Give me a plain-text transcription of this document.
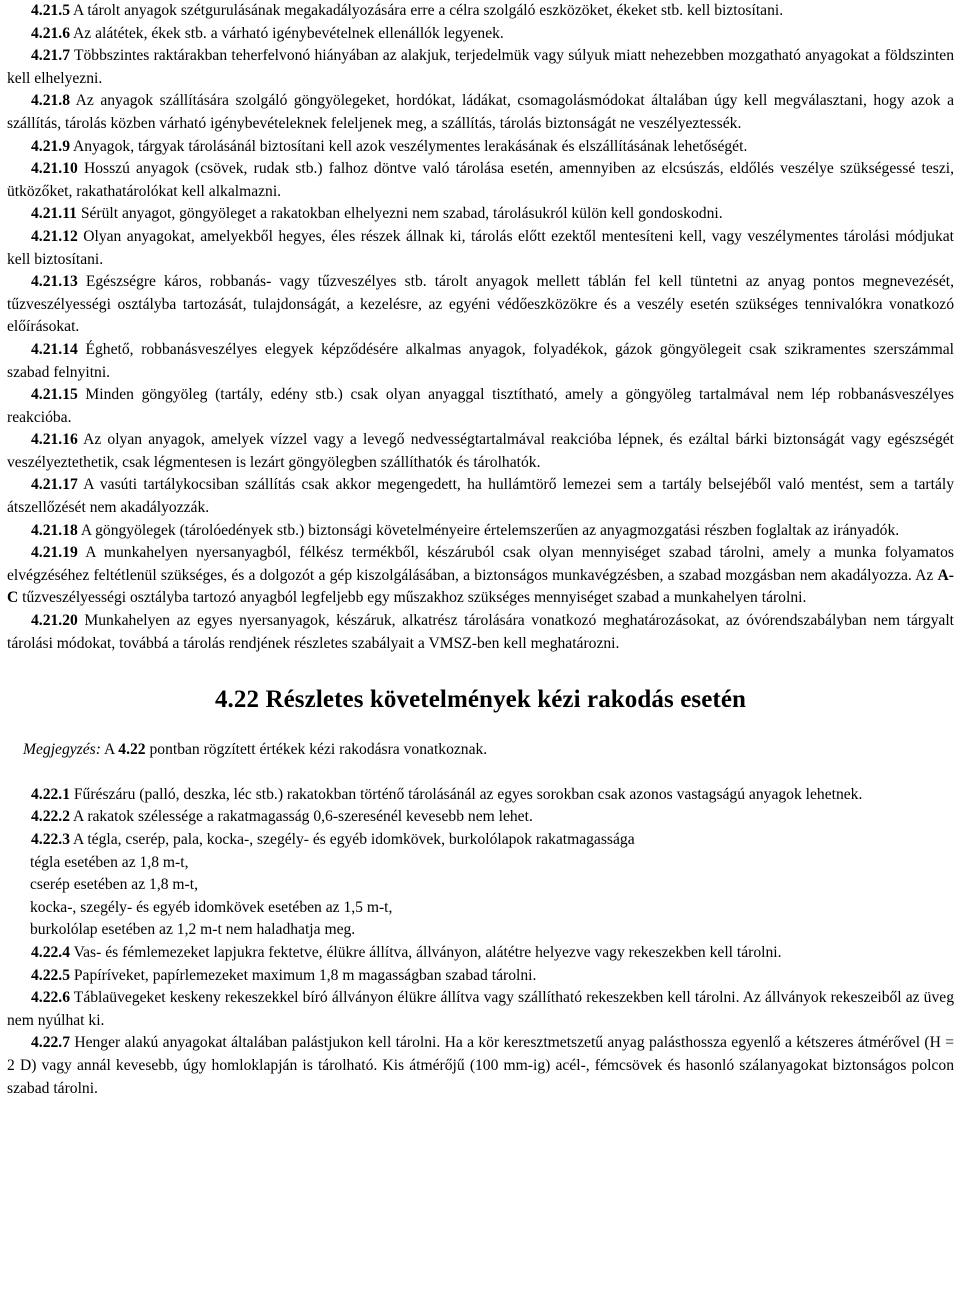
4.21.5 A tárolt anyagok szétgurulásának megakadályozására erre a célra szolgáló eszközöket, ékeket stb. kell biztosítani.

4.21.6 Az alátétek, ékek stb. a várható igénybevételnek ellenállók legyenek.

4.21.7 Többszintes raktárakban teherfelvonó hiányában az alakjuk, terjedelmük vagy súlyuk miatt nehezebben mozgatható anyagokat a földszinten kell elhelyezni.

4.21.8 Az anyagok szállítására szolgáló göngyölegeket, hordókat, ládákat, csomagolásmódokat általában úgy kell megválasztani, hogy azok a szállítás, tárolás közben várható igénybevételeknek feleljenek meg, a szállítás, tárolás biztonságát ne veszélyeztessék.

4.21.9 Anyagok, tárgyak tárolásánál biztosítani kell azok veszélymentes lerakásának és elszállításának lehetőségét.

4.21.10 Hosszú anyagok (csövek, rudak stb.) falhoz döntve való tárolása esetén, amennyiben az elcsúszás, eldőlés veszélye szükségessé teszi, ütközőket, rakathatárolókat kell alkalmazni.

4.21.11 Sérült anyagot, göngyöleget a rakatokban elhelyezni nem szabad, tárolásukról külön kell gondoskodni.

4.21.12 Olyan anyagokat, amelyekből hegyes, éles részek állnak ki, tárolás előtt ezektől mentesíteni kell, vagy veszélymentes tárolási módjukat kell biztosítani.

4.21.13 Egészségre káros, robbanás- vagy tűzveszélyes stb. tárolt anyagok mellett táblán fel kell tüntetni az anyag pontos megnevezését, tűzveszélyességi osztályba tartozását, tulajdonságát, a kezelésre, az egyéni védőeszközökre és a veszély esetén szükséges tennivalókra vonatkozó előírásokat.

4.21.14 Éghető, robbanásveszélyes elegyek képződésére alkalmas anyagok, folyadékok, gázok göngyölegeit csak szikramentes szerszámmal szabad felnyitni.

4.21.15 Minden göngyöleg (tartály, edény stb.) csak olyan anyaggal tisztítható, amely a göngyöleg tartalmával nem lép robbanásveszélyes reakcióba.

4.21.16 Az olyan anyagok, amelyek vízzel vagy a levegő nedvességtartalmával reakcióba lépnek, és ezáltal bárki biztonságát vagy egészségét veszélyeztethetik, csak légmentesen is lezárt göngyölegben szállíthatók és tárolhatók.

4.21.17 A vasúti tartálykocsiban szállítás csak akkor megengedett, ha hullámtörő lemezei sem a tartály belsejéből való mentést, sem a tartály átszellőzését nem akadályozzák.

4.21.18 A göngyölegek (tárolóedények stb.) biztonsági követelményeire értelemszerűen az anyagmozgatási részben foglaltak az irányadók.

4.21.19 A munkahelyen nyersanyagból, félkész termékből, készáruból csak olyan mennyiséget szabad tárolni, amely a munka folyamatos elvégzéséhez feltétlenül szükséges, és a dolgozót a gép kiszolgálásában, a biztonságos munkavégzésben, a szabad mozgásban nem akadályozza. Az A-C tűzveszélyességi osztályba tartozó anyagból legfeljebb egy műszakhoz szükséges mennyiséget szabad a munkahelyen tárolni.

4.21.20 Munkahelyen az egyes nyersanyagok, készáruk, alkatrész tárolására vonatkozó meghatározásokat, az óvórendszabályban nem tárgyalt tárolási módokat, továbbá a tárolás rendjének részletes szabályait a VMSZ-ben kell meghatározni.

4.22 Részletes követelmények kézi rakodás esetén

Megjegyzés: A 4.22 pontban rögzített értékek kézi rakodásra vonatkoznak.

4.22.1 Fűrészáru (palló, deszka, léc stb.) rakatokban történő tárolásánál az egyes sorokban csak azonos vastagságú anyagok lehetnek.

4.22.2 A rakatok szélessége a rakatmagasság 0,6-szeresénél kevesebb nem lehet.

4.22.3 A tégla, cserép, pala, kocka-, szegély- és egyéb idomkövek, burkolólapok rakatmagassága

tégla esetében az 1,8 m-t,

cserép esetében az 1,8 m-t,

kocka-, szegély- és egyéb idomkövek esetében az 1,5 m-t,

burkolólap esetében az 1,2 m-t nem haladhatja meg.

4.22.4 Vas- és fémlemezeket lapjukra fektetve, élükre állítva, állványon, alátétre helyezve vagy rekeszekben kell tárolni.

4.22.5 Papíríveket, papírlemezeket maximum 1,8 m magasságban szabad tárolni.

4.22.6 Táblaüvegeket keskeny rekeszekkel bíró állványon élükre állítva vagy szállítható rekeszekben kell tárolni. Az állványok rekeszeiből az üveg nem nyúlhat ki.

4.22.7 Henger alakú anyagokat általában palástjukon kell tárolni. Ha a kör keresztmetszetű anyag palásthossza egyenlő a kétszeres átmérővel (H = 2 D) vagy annál kevesebb, úgy homloklapján is tárolható. Kis átmérőjű (100 mm-ig) acél-, fémcsövek és hasonló szálanyagokat biztonságos polcon szabad tárolni.
